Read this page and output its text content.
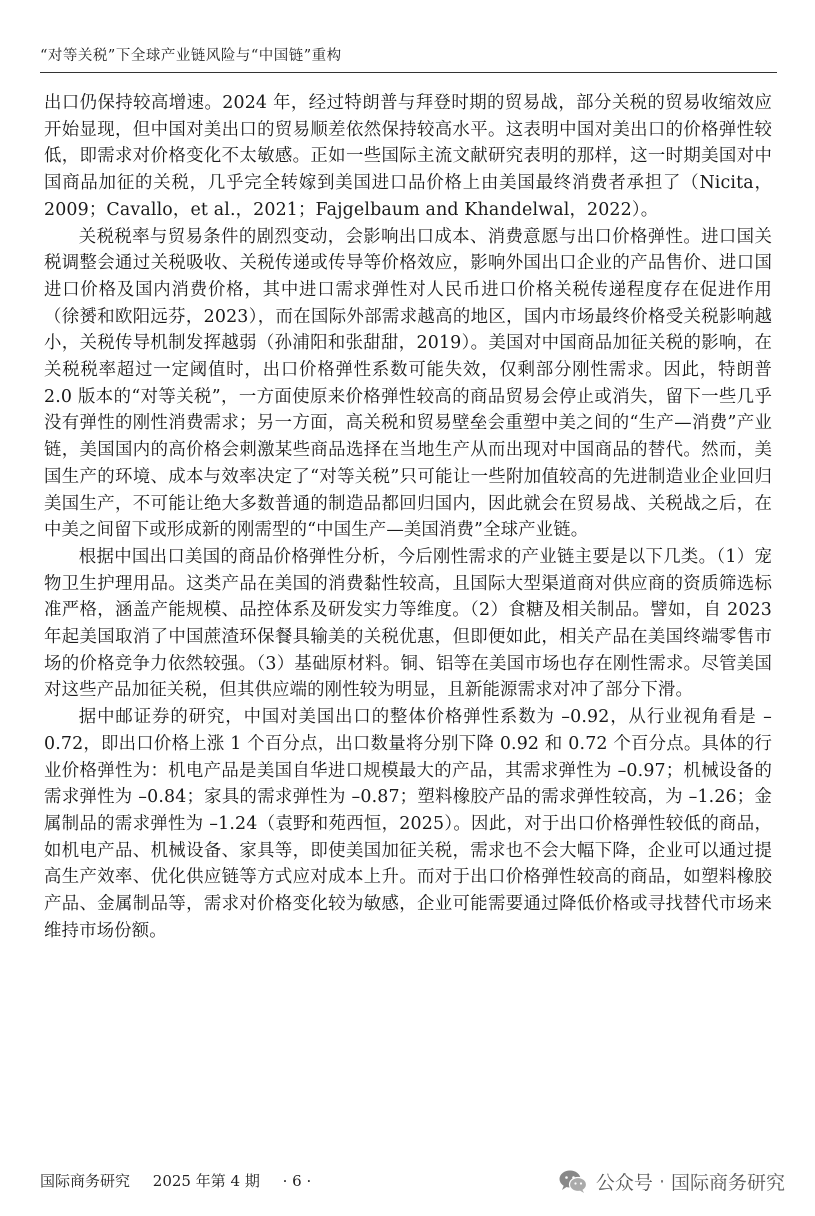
“对等关税”下全球产业链风险与“中国链”重构

出口仍保持较高增速。2024 年，经过特朗普与拜登时期的贸易战，部分关税的贸易收缩效应开始显现，但中国对美出口的贸易顺差依然保持较高水平。这表明中国对美出口的价格弹性较低，即需求对价格变化不太敏感。正如一些国际主流文献研究表明的那样，这一时期美国对中国商品加征的关税，几乎完全转嫁到美国进口品价格上由美国最终消费者承担了（Nicita，2009；Cavallo，et al.，2021；Fajgelbaum and Khandelwal，2022）。

关税税率与贸易条件的剧烈变动，会影响出口成本、消费意愿与出口价格弹性。进口国关税调整会通过关税吸收、关税传递或传导等价格效应，影响外国出口企业的产品售价、进口国进口价格及国内消费价格，其中进口需求弹性对人民币进口价格关税传递程度存在促进作用（徐赟和欧阳远芬，2023），而在国际外部需求越高的地区，国内市场最终价格受关税影响越小，关税传导机制发挥越弱（孙浦阳和张甜甜，2019）。美国对中国商品加征关税的影响，在关税税率超过一定阈值时，出口价格弹性系数可能失效，仅剩部分刚性需求。因此，特朗普 2.0 版本的“对等关税”，一方面使原来价格弹性较高的商品贸易会停止或消失，留下一些几乎没有弹性的刚性消费需求；另一方面，高关税和贸易壁垒会重塑中美之间的“生产—消费”产业链，美国国内的高价格会刺激某些商品选择在当地生产从而出现对中国商品的替代。然而，美国生产的环境、成本与效率决定了“对等关税”只可能让一些附加值较高的先进制造业企业回归美国生产，不可能让绝大多数普通的制造品都回归国内，因此就会在贸易战、关税战之后，在中美之间留下或形成新的刚需型的“中国生产—美国消费”全球产业链。

根据中国出口美国的商品价格弹性分析，今后刚性需求的产业链主要是以下几类。（1）宠物卫生护理用品。这类产品在美国的消费黏性较高，且国际大型渠道商对供应商的资质筛选标准严格，涵盖产能规模、品控体系及研发实力等维度。（2）食糖及相关制品。譬如，自 2023 年起美国取消了中国蔗渣环保餐具输美的关税优惠，但即便如此，相关产品在美国终端零售市场的价格竞争力依然较强。（3）基础原材料。铜、铝等在美国市场也存在刚性需求。尽管美国对这些产品加征关税，但其供应端的刚性较为明显，且新能源需求对冲了部分下滑。

据中邮证券的研究，中国对美国出口的整体价格弹性系数为 –0.92，从行业视角看是 –0.72，即出口价格上涨 1 个百分点，出口数量将分别下降 0.92 和 0.72 个百分点。具体的行业价格弹性为：机电产品是美国自华进口规模最大的产品，其需求弹性为 –0.97；机械设备的需求弹性为 –0.84；家具的需求弹性为 –0.87；塑料橡胶产品的需求弹性较高，为 –1.26；金属制品的需求弹性为 –1.24（袁野和苑西恒，2025）。因此，对于出口价格弹性较低的商品，如机电产品、机械设备、家具等，即使美国加征关税，需求也不会大幅下降，企业可以通过提高生产效率、优化供应链等方式应对成本上升。而对于出口价格弹性较高的商品，如塑料橡胶产品、金属制品等，需求对价格变化较为敏感，企业可能需要通过降低价格或寻找替代市场来维持市场份额。

国际商务研究 2025 年第 4 期 · 6 ·	公众号 · 国际商务研究
